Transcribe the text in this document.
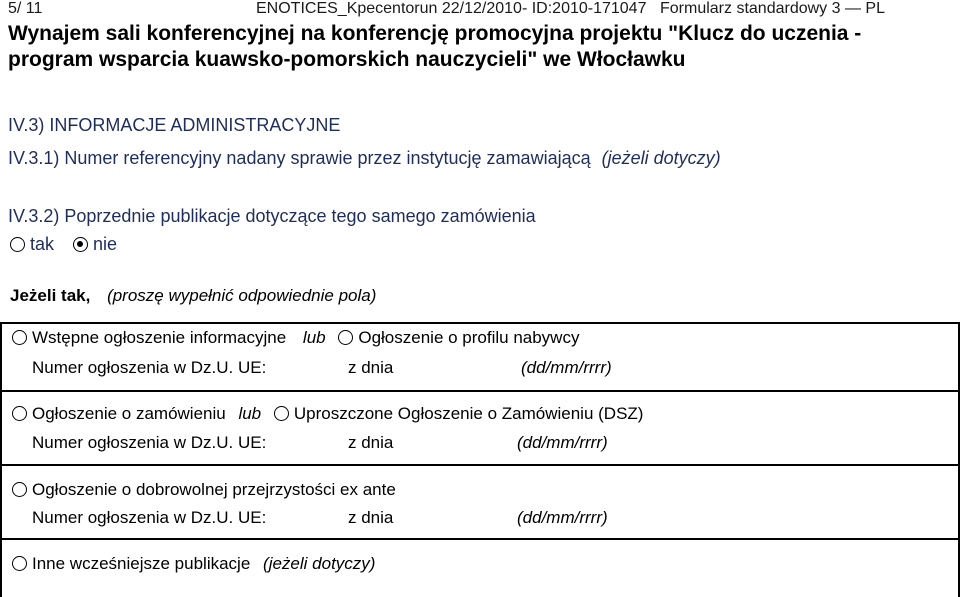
5/ 11	ENOTICES_Kpecentorun 22/12/2010- ID:2010-171047 Formularz standardowy 3 — PL
Wynajem sali konferencyjnej na konferencję promocyjna projektu "Klucz do uczenia -
program wsparcia kuawsko-pomorskich nauczycieli" we Włocławku
IV.3) INFORMACJE ADMINISTRACYJNE
IV.3.1) Numer referencyjny nadany sprawie przez instytucję zamawiającą (jeżeli dotyczy)
IV.3.2) Poprzednie publikacje dotyczące tego samego zamówienia
tak nie
Jeżeli tak, (proszę wypełnić odpowiednie pola)
Wstępne ogłoszenie informacyjne lub Ogłoszenie o profilu nabywcy
Numer ogłoszenia w Dz.U. UE:	z dnia	(dd/mm/rrrr)
Ogłoszenie o zamówieniu lub Uproszczone Ogłoszenie o Zamówieniu (DSZ)
Numer ogłoszenia w Dz.U. UE:	z dnia	(dd/mm/rrrr)
Ogłoszenie o dobrowolnej przejrzystości ex ante
Numer ogłoszenia w Dz.U. UE:	z dnia	(dd/mm/rrrr)
Inne wcześniejsze publikacje (jeżeli dotyczy)
